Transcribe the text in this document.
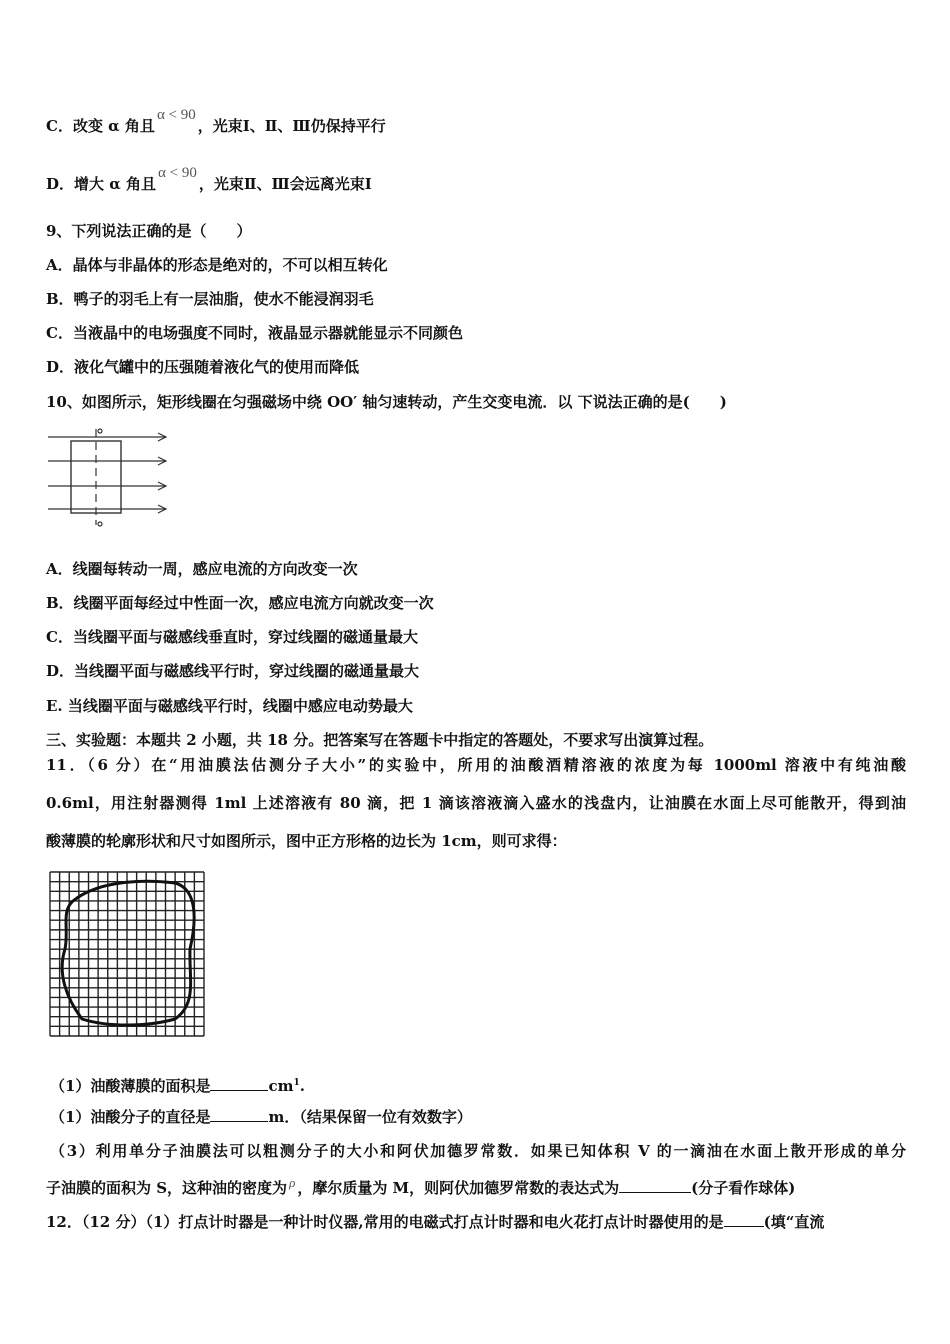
C．改变 α 角且α < 90，光束Ⅰ、Ⅱ、Ⅲ仍保持平行
D．增大 α 角且α < 90，光束Ⅱ、Ⅲ会远离光束Ⅰ
9、下列说法正确的是（　　）
A．晶体与非晶体的形态是绝对的，不可以相互转化
B．鸭子的羽毛上有一层油脂，使水不能浸润羽毛
C．当液晶中的电场强度不同时，液晶显示器就能显示不同颜色
D．液化气罐中的压强随着液化气的使用而降低
10、如图所示，矩形线圈在匀强磁场中绕 OO′ 轴匀速转动，产生交变电流．以 下说法正确的是(　　)
A．线圈每转动一周，感应电流的方向改变一次
B．线圈平面每经过中性面一次，感应电流方向就改变一次
C．当线圈平面与磁感线垂直时，穿过线圈的磁通量最大
D．当线圈平面与磁感线平行时，穿过线圈的磁通量最大
E. 当线圈平面与磁感线平行时，线圈中感应电动势最大
三、实验题：本题共 2 小题，共 18 分。把答案写在答题卡中指定的答题处，不要求写出演算过程。
11．（6 分）在“用油膜法估测分子大小”的实验中，所用的油酸酒精溶液的浓度为每 1000ml 溶液中有纯油酸
0.6ml，用注射器测得 1ml 上述溶液有 80 滴，把 1 滴该溶液滴入盛水的浅盘内，让油膜在水面上尽可能散开，得到油
酸薄膜的轮廓形状和尺寸如图所示，图中正方形格的边长为 1cm，则可求得：
（1）油酸薄膜的面积是	$cm^1$.
（1）油酸分子的直径是	m．（结果保留一位有效数字）
（3）利用单分子油膜法可以粗测分子的大小和阿伏加德罗常数．如果已知体积 V 的一滴油在水面上散开形成的单分
子油膜的面积为 S，这种油的密度为 ρ ，摩尔质量为 M，则阿伏加德罗常数的表达式为	(分子看作球体)
12．（12 分）（1）打点计时器是一种计时仪器,常用的电磁式打点计时器和电火花打点计时器使用的是	(填“直流
